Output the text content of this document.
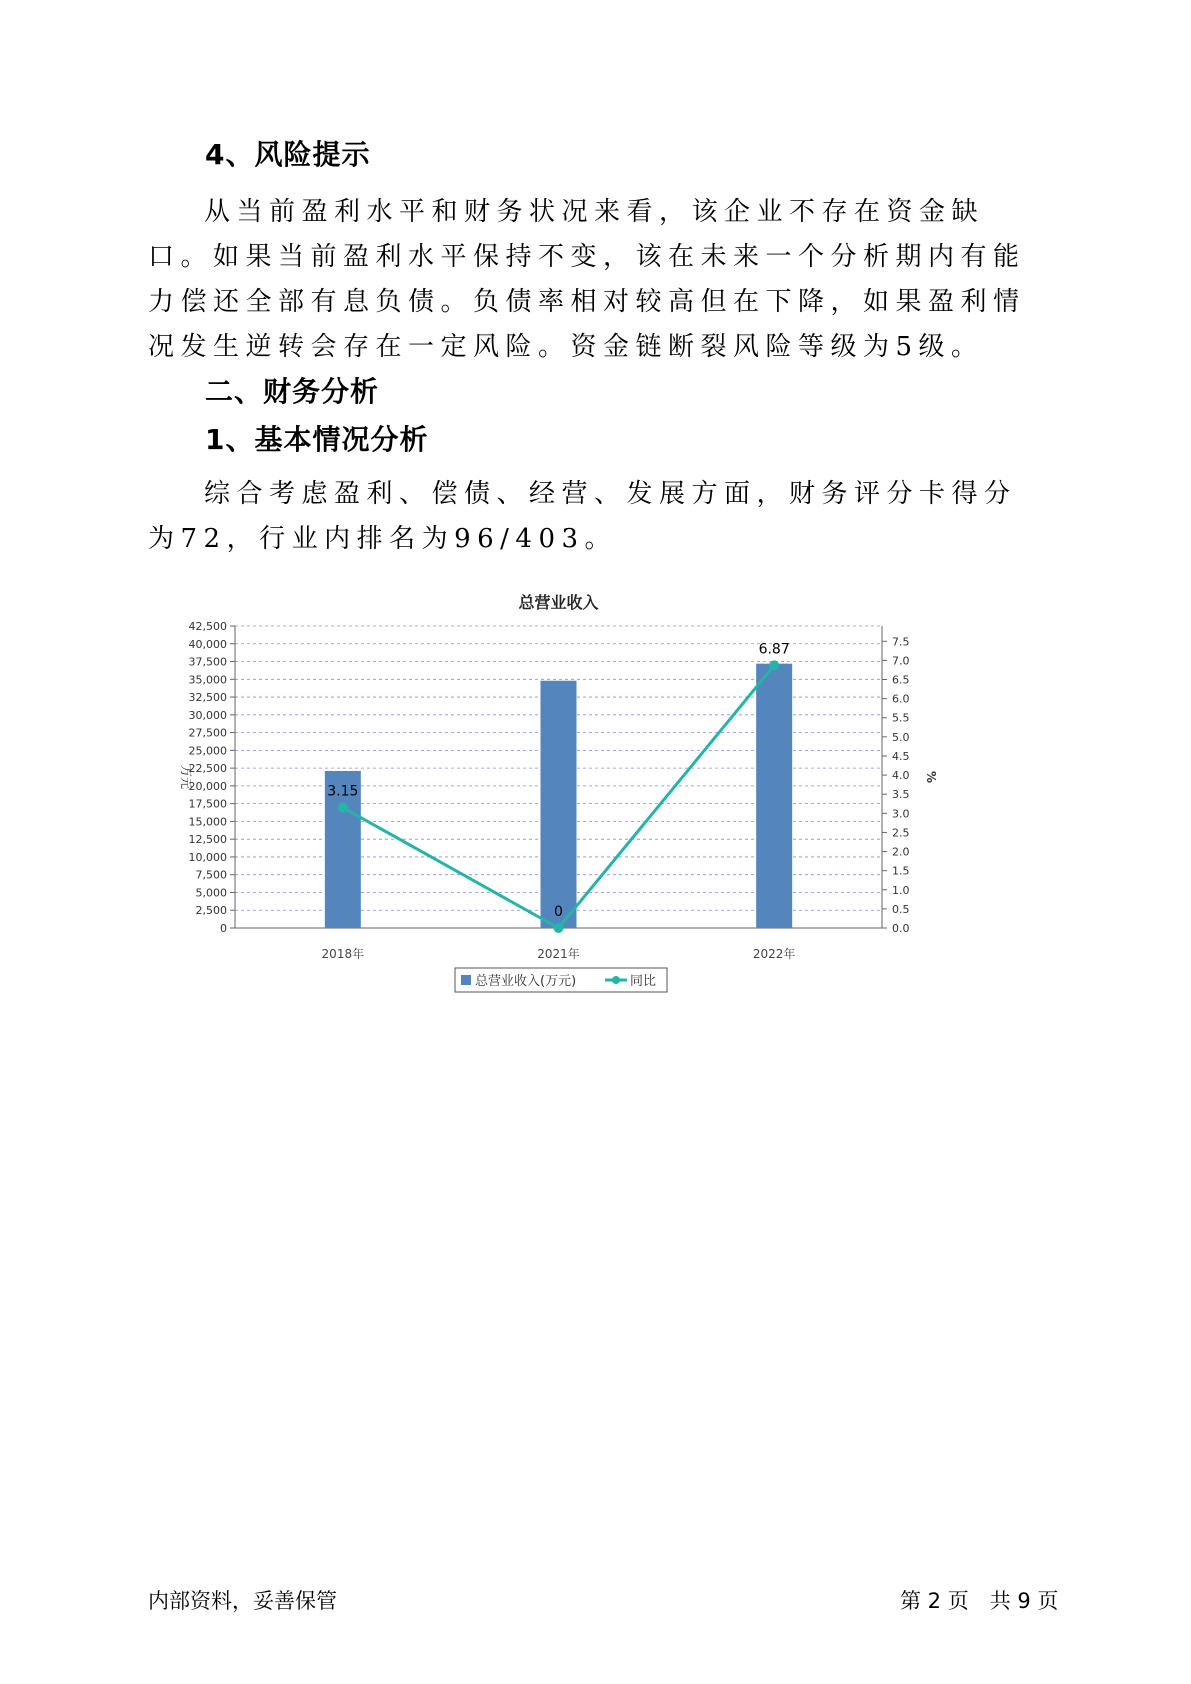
4、风险提示
从当前盈利水平和财务状况来看，该企业不存在资金缺口。如果当前盈利水平保持不变，该在未来一个分析期内有能力偿还全部有息负债。负债率相对较高但在下降，如果盈利情况发生逆转会存在一定风险。资金链断裂风险等级为5级。
二、财务分析
1、基本情况分析
综合考虑盈利、偿债、经营、发展方面，财务评分卡得分为72，行业内排名为96/403。
总营业收入
0
2,500
5,000
7,500
10,000
12,500
15,000
17,500
20,000
22,500
25,000
27,500
30,000
32,500
35,000
37,500
40,000
42,500
0.0
0.5
1.0
1.5
2.0
2.5
3.0
3.5
4.0
4.5
5.0
5.5
6.0
6.5
7.0
7.5
万元	%
2018年	2021年	2022年
3.15
0
6.87
总营业收入(万元)	同比
内部资料，妥善保管	第 2 页　共 9 页
